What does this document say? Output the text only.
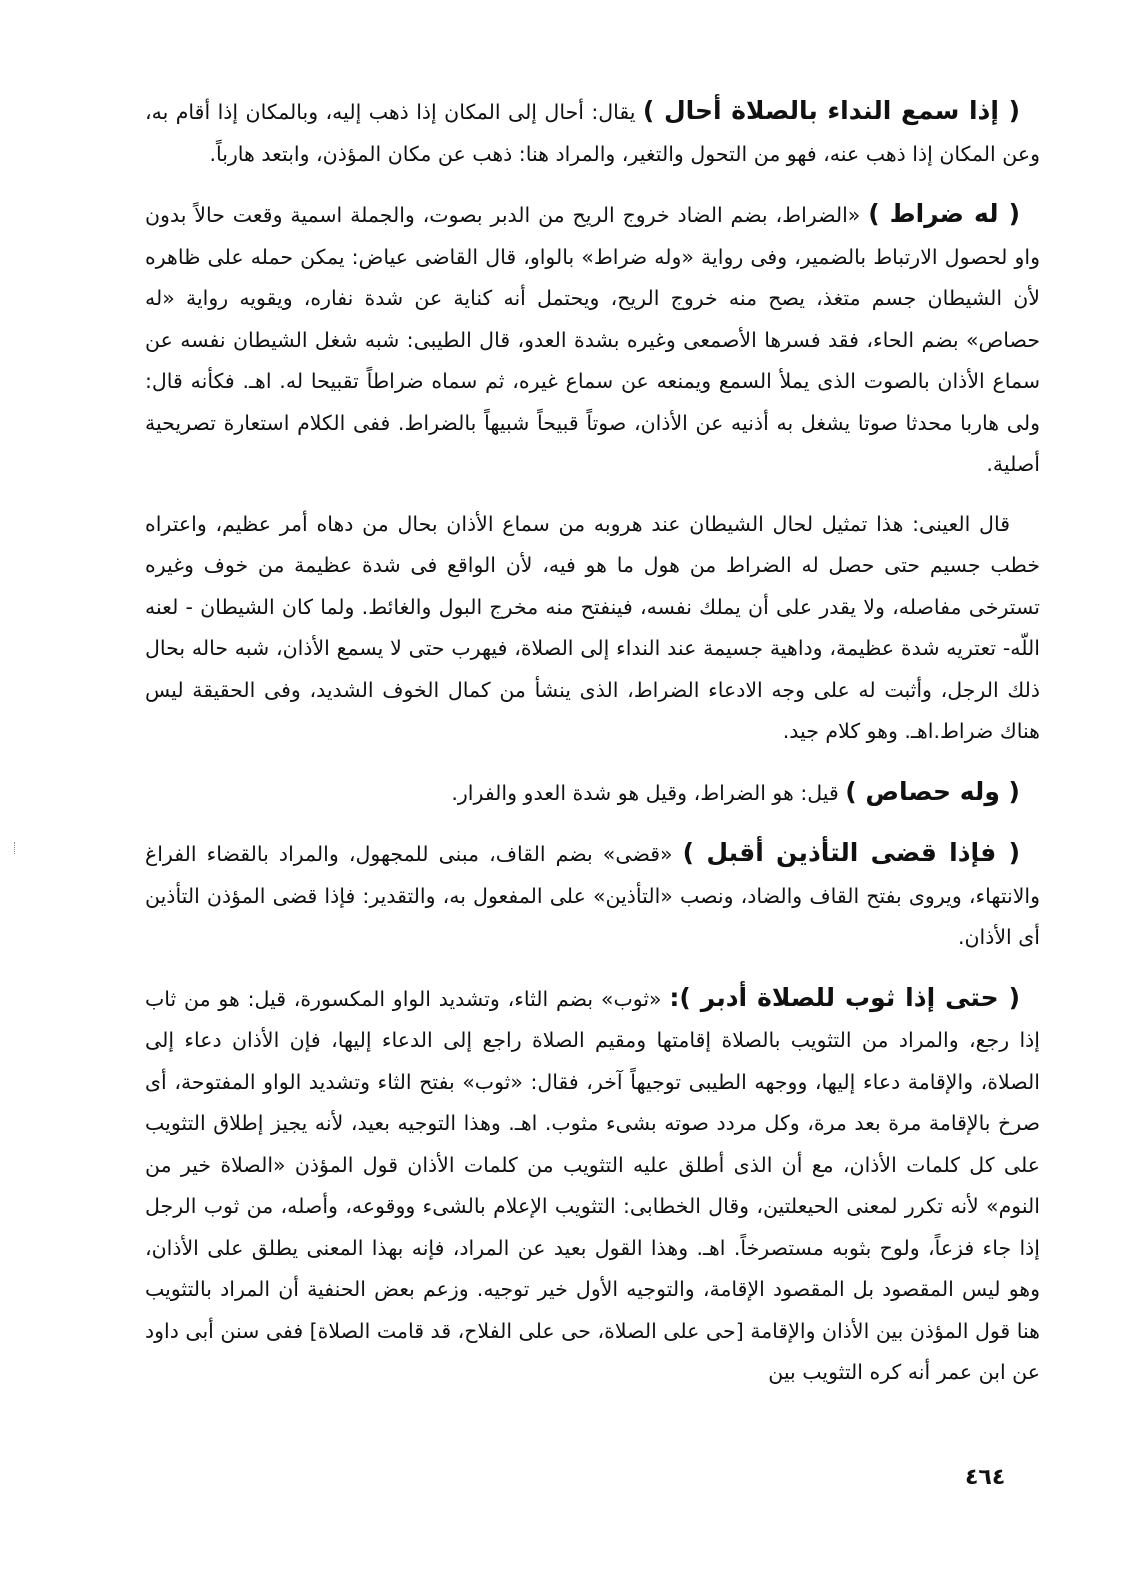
( إذا سمع النداء بالصلاة أحال ) يقال: أحال إلى المكان إذا ذهب إليه، وبالمكان إذا أقام به، وعن المكان إذا ذهب عنه، فهو من التحول والتغير، والمراد هنا: ذهب عن مكان المؤذن، وابتعد هارباً.

( له ضراط ) «الضراط، بضم الضاد خروج الريح من الدبر بصوت، والجملة اسمية وقعت حالاً بدون واو لحصول الارتباط بالضمير، وفى رواية «وله ضراط» بالواو، قال القاضى عياض: يمكن حمله على ظاهره لأن الشيطان جسم متغذ، يصح منه خروج الريح، ويحتمل أنه كناية عن شدة نفاره، ويقويه رواية «له حصاص» بضم الحاء، فقد فسرها الأصمعى وغيره بشدة العدو، قال الطيبى: شبه شغل الشيطان نفسه عن سماع الأذان بالصوت الذى يملأ السمع ويمنعه عن سماع غيره، ثم سماه ضراطاً تقبيحا له. اهـ. فكأنه قال: ولى هاربا محدثا صوتا يشغل به أذنيه عن الأذان، صوتاً قبيحاً شبيهاً بالضراط. ففى الكلام استعارة تصريحية أصلية.

قال العينى: هذا تمثيل لحال الشيطان عند هروبه من سماع الأذان بحال من دهاه أمر عظيم، واعتراه خطب جسيم حتى حصل له الضراط من هول ما هو فيه، لأن الواقع فى شدة عظيمة من خوف وغيره تسترخى مفاصله، ولا يقدر على أن يملك نفسه، فينفتح منه مخرج البول والغائط. ولما كان الشيطان - لعنه اللّه- تعتريه شدة عظيمة، وداهية جسيمة عند النداء إلى الصلاة، فيهرب حتى لا يسمع الأذان، شبه حاله بحال ذلك الرجل، وأثبت له على وجه الادعاء الضراط، الذى ينشأ من كمال الخوف الشديد، وفى الحقيقة ليس هناك ضراط.اهـ. وهو كلام جيد.

( وله حصاص ) قيل: هو الضراط، وقيل هو شدة العدو والفرار.

( فإذا قضى التأذين أقبل ) «قضى» بضم القاف، مبنى للمجهول، والمراد بالقضاء الفراغ والانتهاء، ويروى بفتح القاف والضاد، ونصب «التأذين» على المفعول به، والتقدير: فإذا قضى المؤذن التأذين أى الأذان.

( حتى إذا ثوب للصلاة أدبر ): «ثوب» بضم الثاء، وتشديد الواو المكسورة، قيل: هو من ثاب إذا رجع، والمراد من التثويب بالصلاة إقامتها ومقيم الصلاة راجع إلى الدعاء إليها، فإن الأذان دعاء إلى الصلاة، والإقامة دعاء إليها، ووجهه الطيبى توجيهاً آخر، فقال: «ثوب» بفتح الثاء وتشديد الواو المفتوحة، أى صرخ بالإقامة مرة بعد مرة، وكل مردد صوته بشىء مثوب. اهـ. وهذا التوجيه بعيد، لأنه يجيز إطلاق التثويب على كل كلمات الأذان، مع أن الذى أطلق عليه التثويب من كلمات الأذان قول المؤذن «الصلاة خير من النوم» لأنه تكرر لمعنى الحيعلتين، وقال الخطابى: التثويب الإعلام بالشىء ووقوعه، وأصله، من ثوب الرجل إذا جاء فزعاً، ولوح بثوبه مستصرخاً. اهـ. وهذا القول بعيد عن المراد، فإنه بهذا المعنى يطلق على الأذان، وهو ليس المقصود بل المقصود الإقامة، والتوجيه الأول خير توجيه. وزعم بعض الحنفية أن المراد بالتثويب هنا قول المؤذن بين الأذان والإقامة [حى على الصلاة، حى على الفلاح، قد قامت الصلاة] ففى سنن أبى داود عن ابن عمر أنه كره التثويب بين

٤٦٤
